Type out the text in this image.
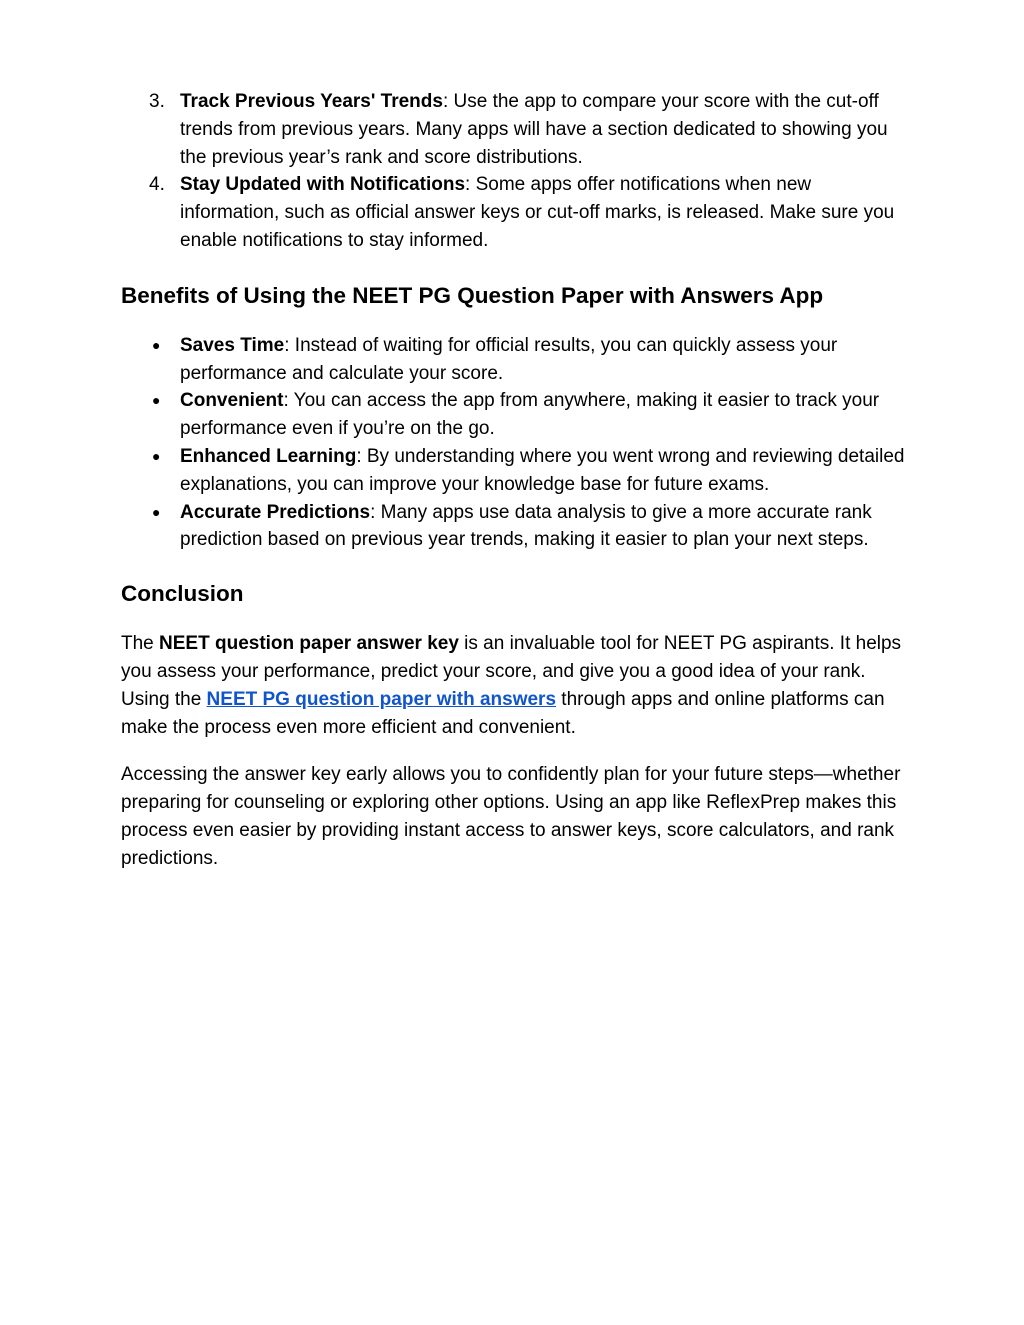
3. Track Previous Years' Trends: Use the app to compare your score with the cut-off trends from previous years. Many apps will have a section dedicated to showing you the previous year’s rank and score distributions.
4. Stay Updated with Notifications: Some apps offer notifications when new information, such as official answer keys or cut-off marks, is released. Make sure you enable notifications to stay informed.
Benefits of Using the NEET PG Question Paper with Answers App
● Saves Time: Instead of waiting for official results, you can quickly assess your performance and calculate your score.
● Convenient: You can access the app from anywhere, making it easier to track your performance even if you’re on the go.
● Enhanced Learning: By understanding where you went wrong and reviewing detailed explanations, you can improve your knowledge base for future exams.
● Accurate Predictions: Many apps use data analysis to give a more accurate rank prediction based on previous year trends, making it easier to plan your next steps.
Conclusion

The NEET question paper answer key is an invaluable tool for NEET PG aspirants. It helps you assess your performance, predict your score, and give you a good idea of your rank. Using the NEET PG question paper with answers through apps and online platforms can make the process even more efficient and convenient.

Accessing the answer key early allows you to confidently plan for your future steps—whether preparing for counseling or exploring other options. Using an app like ReflexPrep makes this process even easier by providing instant access to answer keys, score calculators, and rank predictions.
